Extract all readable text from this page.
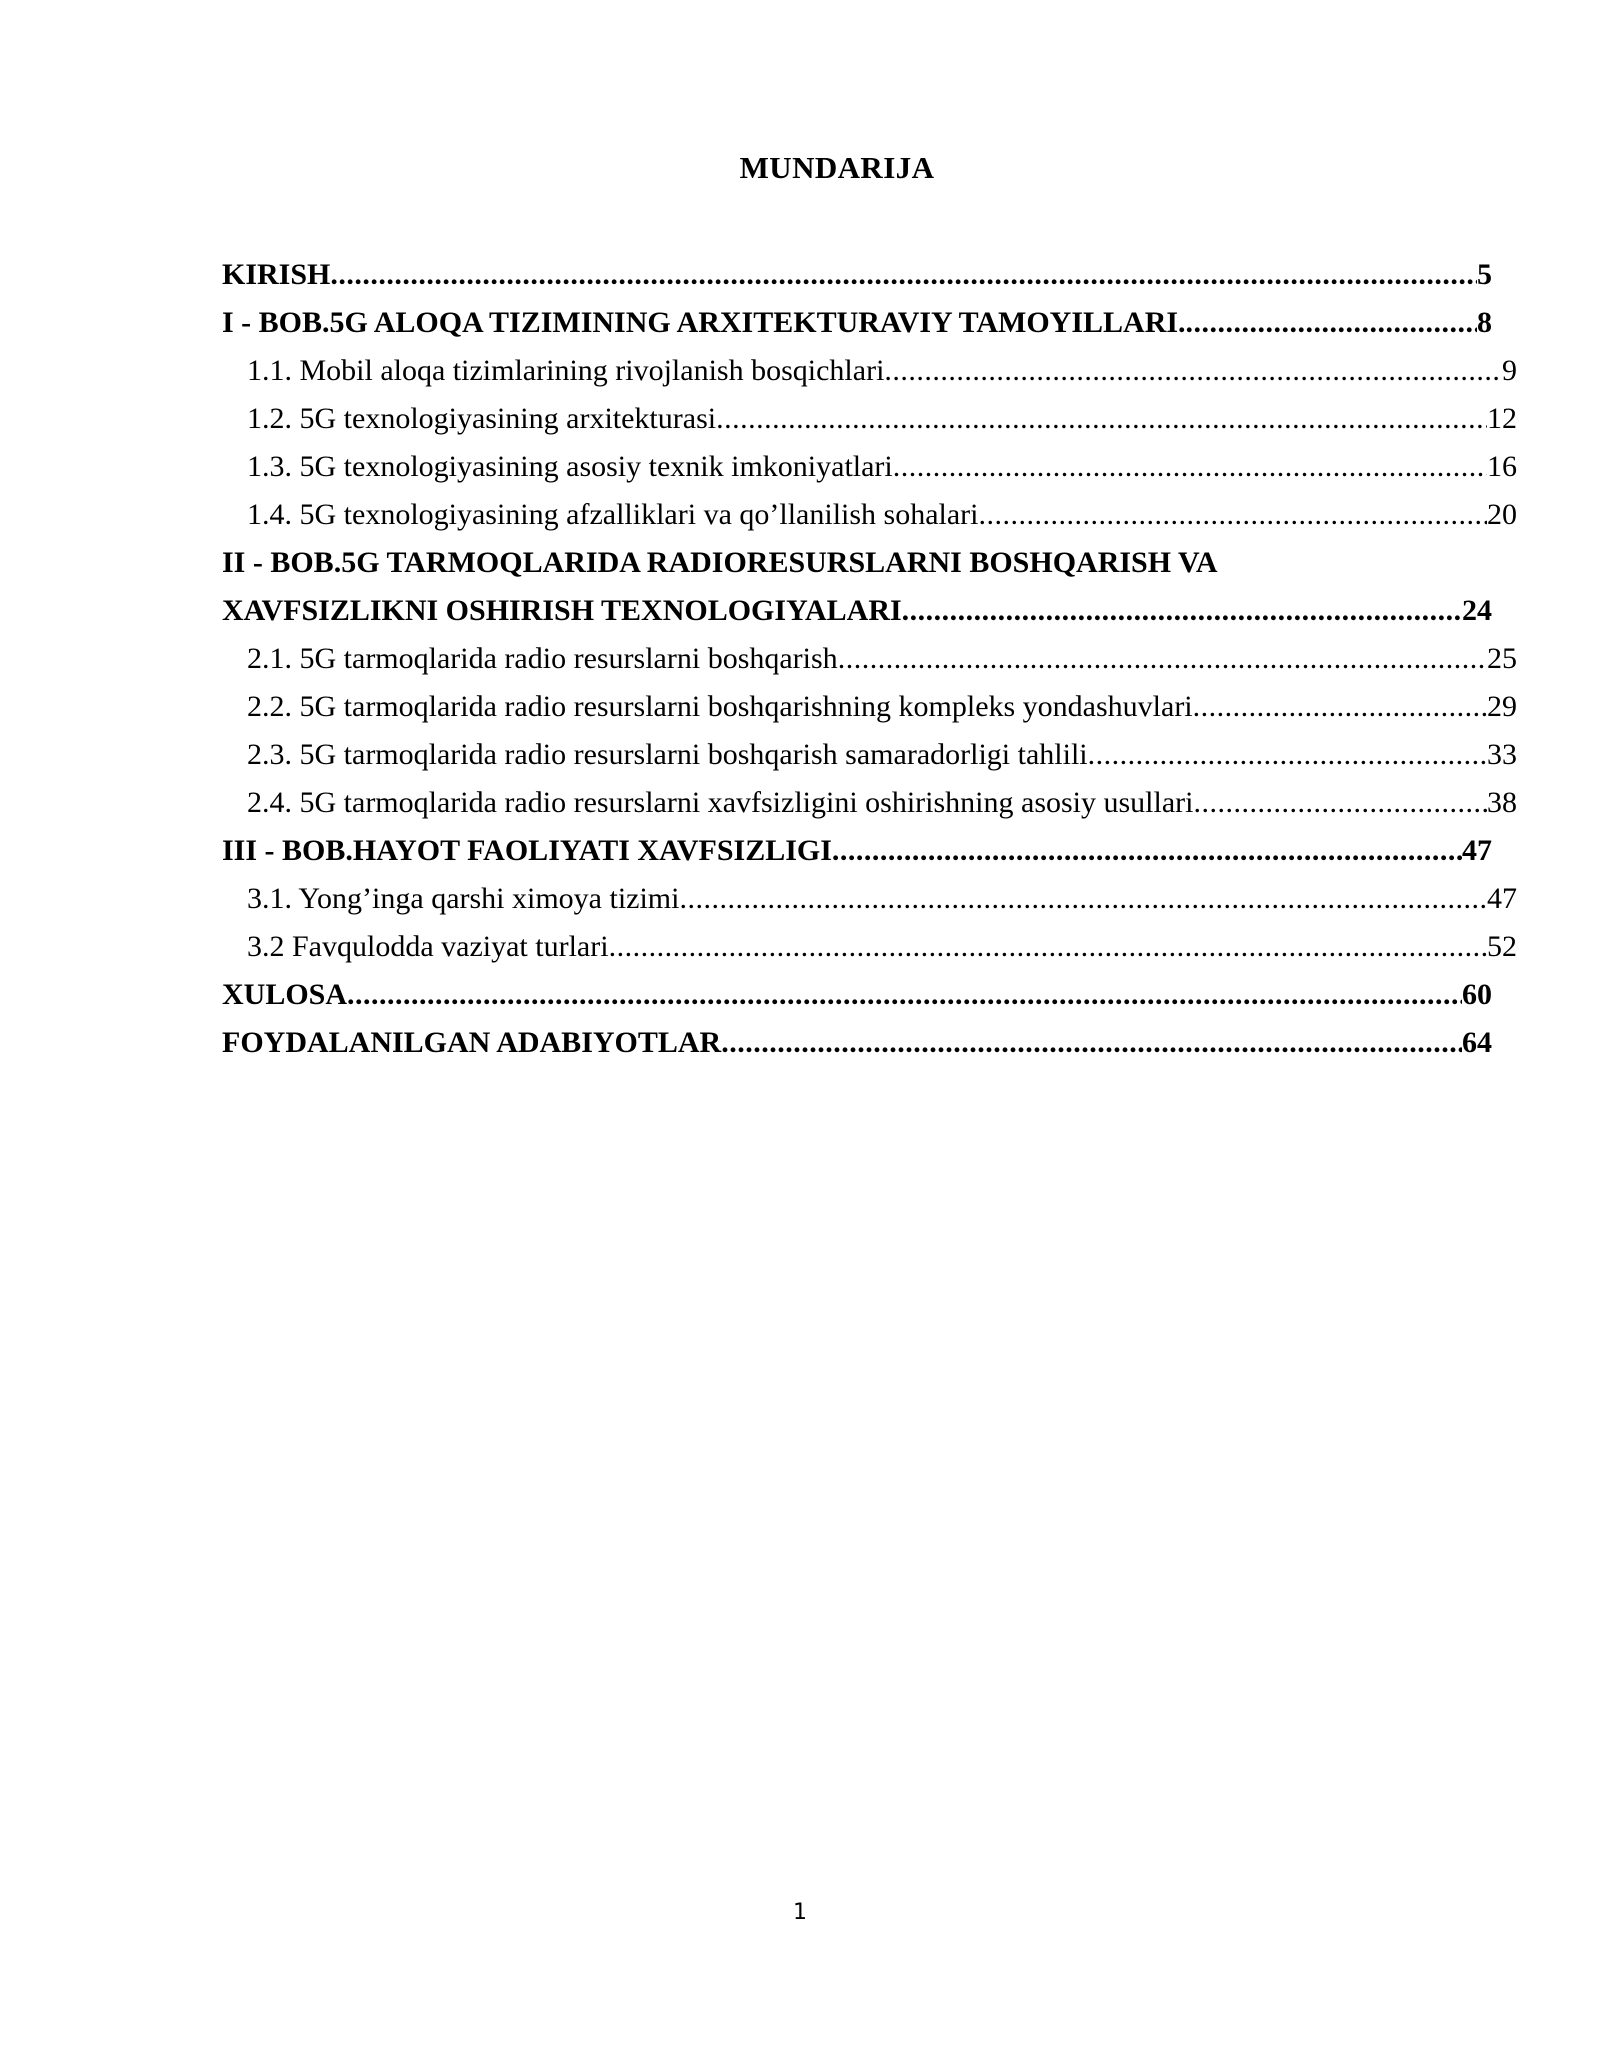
MUNDARIJA
KIRISH .....	5
I - BOB.5G ALOQA TIZIMINING ARXITEKTURAVIY TAMOYILLARI. .....	8
1.1. Mobil aloqa tizimlarining rivojlanish bosqichlari .....	9
1.2. 5G texnologiyasining arxitekturasi .....	12
1.3. 5G texnologiyasining asosiy texnik imkoniyatlari .....	16
1.4. 5G texnologiyasining afzalliklari va qo’llanilish sohalari .....	20
II - BOB.5G TARMOQLARIDA RADIORESURSLARNI BOSHQARISH VA
XAVFSIZLIKNI OSHIRISH TEXNOLOGIYALARI .....	24
2.1. 5G tarmoqlarida radio resurslarni boshqarish .....	25
2.2. 5G tarmoqlarida radio resurslarni boshqarishning kompleks yondashuvlari .....	29
2.3. 5G tarmoqlarida radio resurslarni boshqarish samaradorligi tahlili .....	33
2.4. 5G tarmoqlarida radio resurslarni xavfsizligini oshirishning asosiy usullari .....	38
III - BOB.HAYOT FAOLIYATI XAVFSIZLIGI .....	47
3.1. Yong’inga qarshi ximoya tizimi .....	47
3.2 Favqulodda vaziyat turlari .....	52
XULOSA .....	60
FOYDALANILGAN ADABIYOTLAR .....	64
1
